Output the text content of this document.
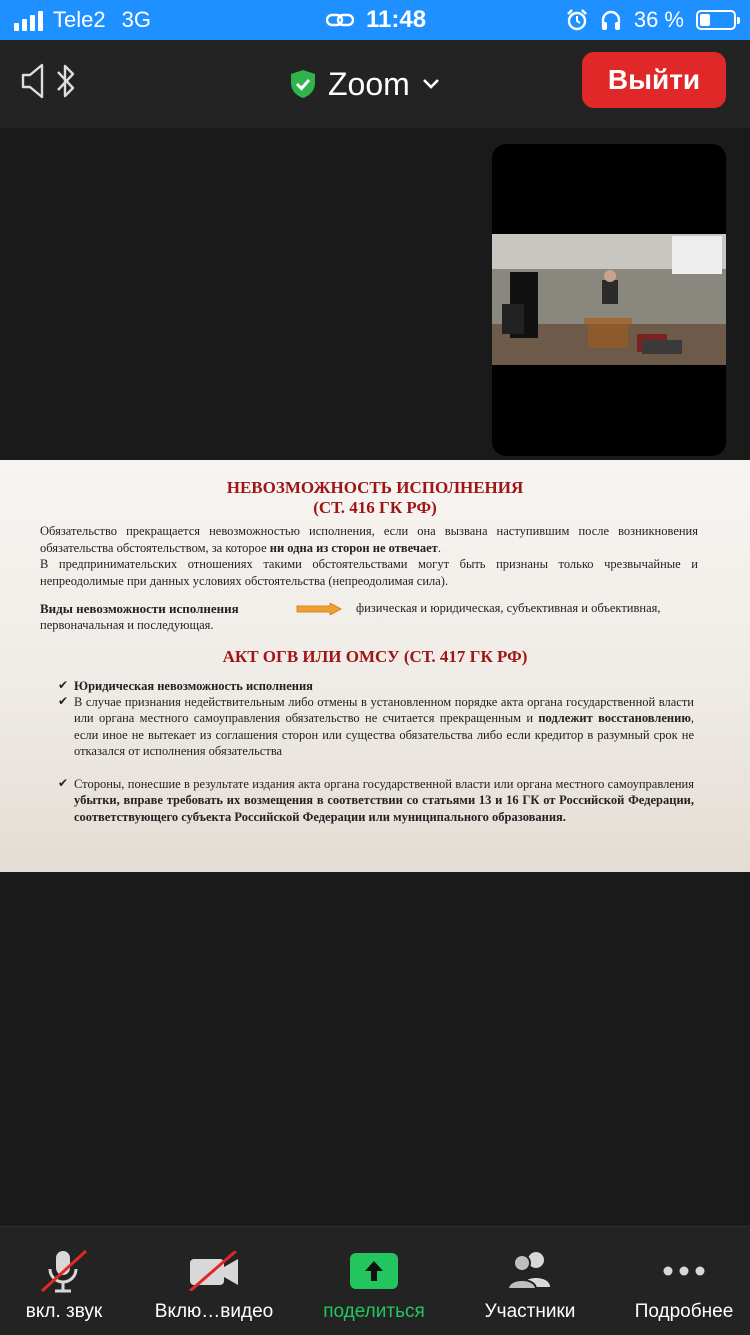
Tele2 3G	11:48	36 %
Zoom	Выйти
НЕВОЗМОЖНОСТЬ ИСПОЛНЕНИЯ
(СТ. 416 ГК РФ)
Обязательство прекращается невозможностью исполнения, если она вызвана наступившим после возникновения обязательства обстоятельством, за которое ни одна из сторон не отвечает.
В предпринимательских отношениях такими обстоятельствами могут быть признаны только чрезвычайные и непреодолимые при данных условиях обстоятельства (непреодолимая сила).
Виды невозможности исполнения	физическая и юридическая, субъективная и объективная,
первоначальная и последующая.
АКТ ОГВ ИЛИ ОМСУ (СТ. 417 ГК РФ)
✔ Юридическая невозможность исполнения
✔ В случае признания недействительным либо отмены в установленном порядке акта органа государственной власти или органа местного самоуправления обязательство не считается прекращенным и подлежит восстановлению, если иное не вытекает из соглашения сторон или существа обязательства либо если кредитор в разумный срок не отказался от исполнения обязательства
✔ Стороны, понесшие в результате издания акта органа государственной власти или органа местного самоуправления убытки, вправе требовать их возмещения в соответствии со статьями 13 и 16 ГК от Российской Федерации, соответствующего субъекта Российской Федерации или муниципального образования.
вкл. звук	Вклю…видео	поделиться	Участники	Подробнее
